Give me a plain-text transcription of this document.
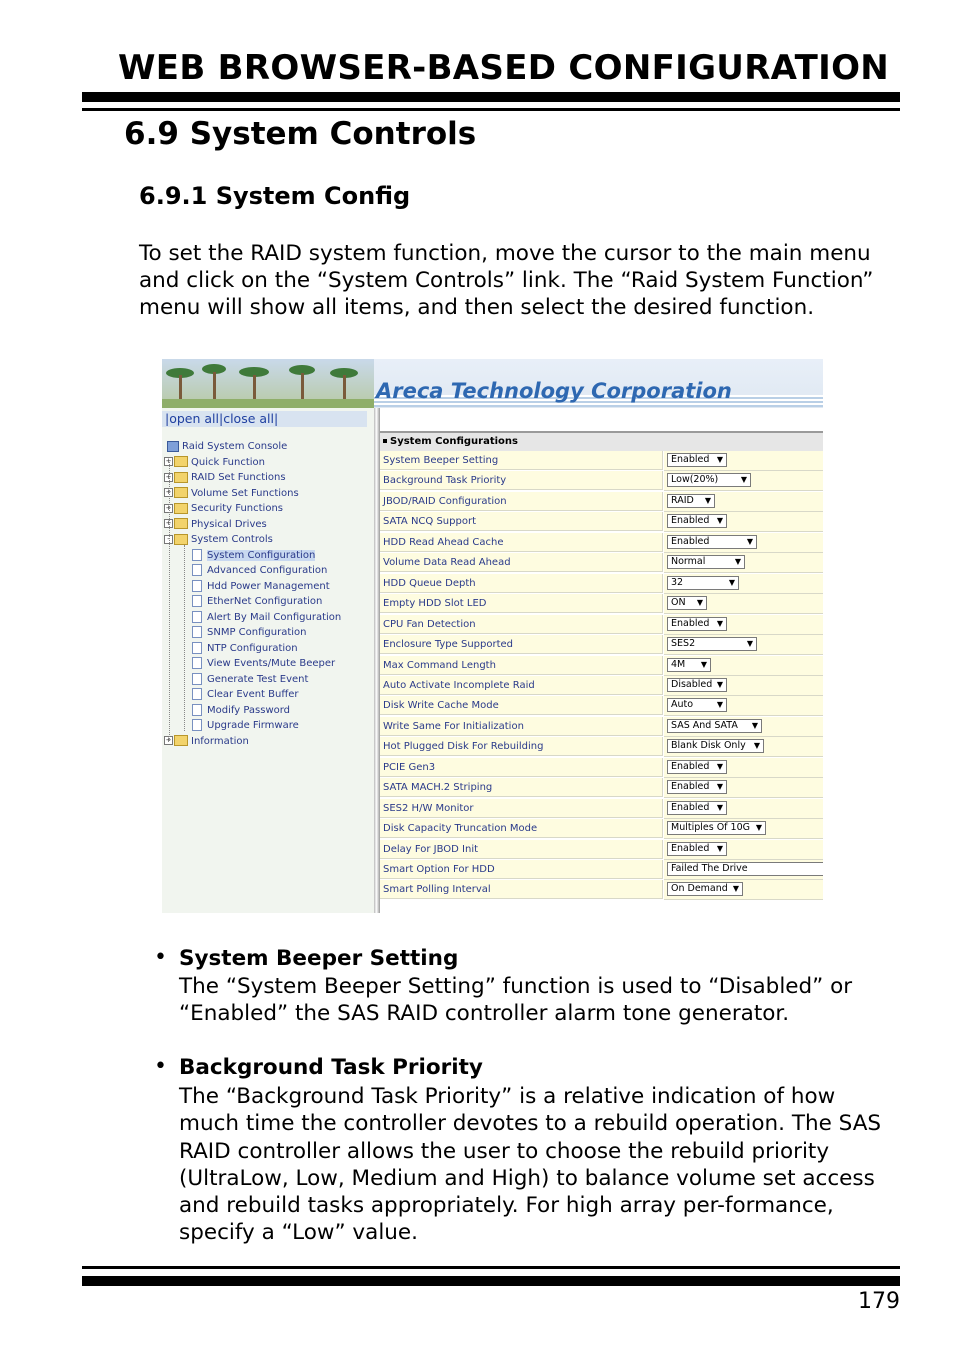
WEB BROWSER-BASED CONFIGURATION
6.9 System Controls
6.9.1 System Config
To set the RAID system function, move the cursor to the main menu and click on the “System Controls” link. The “Raid System Function” menu will show all items, and then select the desired function.
Areca Technology Corporation
|open all|close all|
Raid System Console
+ Quick Function
+ RAID Set Functions
+ Volume Set Functions
+ Security Functions
+ Physical Drives
- System Controls
System Configuration
Advanced Configuration
Hdd Power Management
EtherNet Configuration
Alert By Mail Configuration
SNMP Configuration
NTP Configuration
View Events/Mute Beeper
Generate Test Event
Clear Event Buffer
Modify Password
Upgrade Firmware
+ Information
System Configurations
System Beeper Setting	Enabled ▼
Background Task Priority	Low(20%)	▼
JBOD/RAID Configuration	RAID ▼
SATA NCQ Support	Enabled ▼
HDD Read Ahead Cache	Enabled	▼
Volume Data Read Ahead	Normal	▼
HDD Queue Depth	32	▼
Empty HDD Slot LED	ON ▼
CPU Fan Detection	Enabled ▼
Enclosure Type Supported	SES2	▼
Max Command Length	4M ▼
Auto Activate Incomplete Raid	Disabled ▼
Disk Write Cache Mode	Auto	▼
Write Same For Initialization	SAS And SATA ▼
Hot Plugged Disk For Rebuilding	Blank Disk Only ▼
PCIE Gen3	Enabled ▼
SATA MACH.2 Striping	Enabled ▼
SES2 H/W Monitor	Enabled ▼
Disk Capacity Truncation Mode	Multiples Of 10G ▼
Delay For JBOD Init	Enabled ▼
Smart Option For HDD	Failed The Drive
Smart Polling Interval	On Demand ▼
• System Beeper Setting
The “System Beeper Setting” function is used to “Disabled” or “Enabled” the SAS RAID controller alarm tone generator.
• Background Task Priority
The “Background Task Priority” is a relative indication of how much time the controller devotes to a rebuild operation. The SAS RAID controller allows the user to choose the rebuild priority (UltraLow, Low, Medium and High) to balance volume set access and rebuild tasks appropriately. For high array per-formance, specify a “Low” value.
179
